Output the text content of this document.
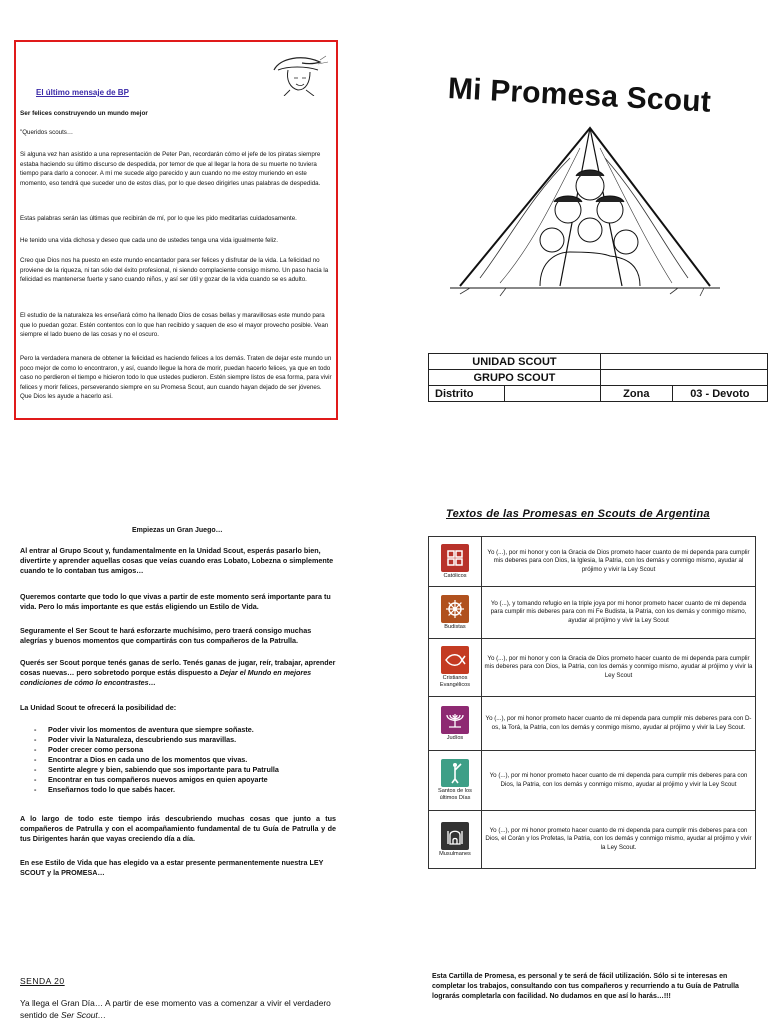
El último mensaje de BP
Ser felices construyendo un mundo mejor

"Queridos scouts…

Si alguna vez han asistido a una representación de Peter Pan, recordarán cómo el jefe de los piratas siempre estaba haciendo su último discurso de despedida, por temor de que al llegar la hora de su muerte no tuviera tiempo para darlo a conocer. A mí me sucede algo parecido y aun cuando no me estoy muriendo en este momento, eso tendrá que suceder uno de estos días, por lo que deseo dirigirles unas palabras de despedida.

Estas palabras serán las últimas que recibirán de mí, por lo que les pido meditarlas cuidadosamente.

He tenido una vida dichosa y deseo que cada uno de ustedes tenga una vida igualmente feliz.

Creo que Dios nos ha puesto en este mundo encantador para ser felices y disfrutar de la vida. La felicidad no proviene de la riqueza, ni tan sólo del éxito profesional, ni siendo complaciente consigo mismo. Un paso hacia la felicidad es mantenerse fuerte y sano cuando niños, y así ser útil y gozar de la vida cuando se es adulto.

El estudio de la naturaleza les enseñará cómo ha llenado Dios de cosas bellas y maravillosas este mundo para que lo puedan gozar. Estén contentos con lo que han recibido y saquen de eso el mayor provecho posible. Vean siempre el lado bueno de las cosas y no el oscuro.

Pero la verdadera manera de obtener la felicidad es haciendo felices a los demás. Traten de dejar este mundo un poco mejor de como lo encontraron, y así, cuando llegue la hora de morir, puedan hacerlo felices, ya que en todo caso no perdieron el tiempo e hicieron todo lo que ustedes pudieron. Estén siempre listos de esa forma, para vivir felices y morir felices, perseverando siempre en su Promesa Scout, aun cuando hayan dejado de ser jóvenes. Que Dios les ayude a hacerlo así.

Mi Promesa Scout
UNIDAD SCOUT			
GRUPO SCOUT			
Distrito		Zona	03 - Devoto
Empiezas un Gran Juego…

Al entrar al Grupo Scout y, fundamentalmente en la Unidad Scout, esperás pasarlo bien, divertirte y aprender aquellas cosas que veías cuando eras Lobato, Lobezna o simplemente cuando te lo contaban tus amigos…

Queremos contarte que todo lo que vivas a partir de este momento será importante para tu vida. Pero lo más importante es que estás eligiendo un Estilo de Vida.

Seguramente el Ser Scout te hará esforzarte muchísimo, pero traerá consigo muchas alegrías y buenos momentos que compartirás con tus compañeros de la Patrulla.

Querés ser Scout porque tenés ganas de serlo. Tenés ganas de jugar, reír, trabajar, aprender cosas nuevas… pero sobretodo porque estás dispuesto a Dejar el Mundo en mejores condiciones de cómo lo encontrastes…

La Unidad Scout te ofrecerá la posibilidad de:

- Poder vivir los momentos de aventura que siempre soñaste.
- Poder vivir la Naturaleza, descubriendo sus maravillas.
- Poder crecer como persona
- Encontrar a Dios en cada uno de los momentos que vivas.
- Sentirte alegre y bien, sabiendo que sos importante para tu Patrulla
- Encontrar en tus compañeros nuevos amigos en quien apoyarte
- Enseñarnos todo lo que sabés hacer.

A lo largo de todo este tiempo irás descubriendo muchas cosas que junto a tus compañeros de Patrulla y con el acompañamiento fundamental de tu Guía de Patrulla y de tus Dirigentes harán que vayas creciendo día a día.

En ese Estilo de Vida que has elegido va a estar presente permanentemente nuestra LEY SCOUT y la PROMESA…

SENDA 20

Ya llega el Gran Día… A partir de ese momento vas a comenzar a vivir el verdadero sentido de Ser Scout…

Textos de las Promesas en Scouts de Argentina
Católicos	Yo (...), por mi honor y con la Gracia de Dios prometo hacer cuanto de mi dependa para cumplir mis deberes para con Dios, la Iglesia, la Patria, con los demás y conmigo mismo, ayudar al prójimo y vivir la Ley Scout

Budistas	Yo (...), y tomando refugio en la triple joya por mi honor prometo hacer cuanto de mi dependa para cumplir mis deberes para con mi Fe Budista, la Patria, con los demás y conmigo mismo, ayudar al prójimo y vivir la Ley Scout

Cristianos Evangélicos	Yo (...), por mi honor y con la Gracia de Dios prometo hacer cuanto de mi dependa para cumplir mis deberes para con Dios, la Patria, con los demás y conmigo mismo, ayudar al prójimo y vivir la Ley Scout

Judíos	Yo (...), por mi honor prometo hacer cuanto de mi dependa para cumplir mis deberes para con D-os, la Torá, la Patria, con los demás y conmigo mismo, ayudar al prójimo y vivir la Ley Scout.

Santos de los últimos Días	Yo (...), por mi honor prometo hacer cuanto de mi dependa para cumplir mis deberes para con Dios, la Patria, con los demás y conmigo mismo, ayudar al prójimo y vivir la Ley Scout

Musulmanes	Yo (...), por mi honor prometo hacer cuanto de mi dependa para cumplir mis deberes para con Dios, el Corán y los Profetas, la Patria, con los demás y conmigo mismo, ayudar al prójimo y vivir la Ley Scout.

Esta Cartilla de Promesa, es personal y te será de fácil utilización. Sólo si te interesas en completar los trabajos, consultando con tus compañeros y recurriendo a tu Guía de Patrulla lograrás completarla con facilidad. No dudamos en que así lo harás…!!!
